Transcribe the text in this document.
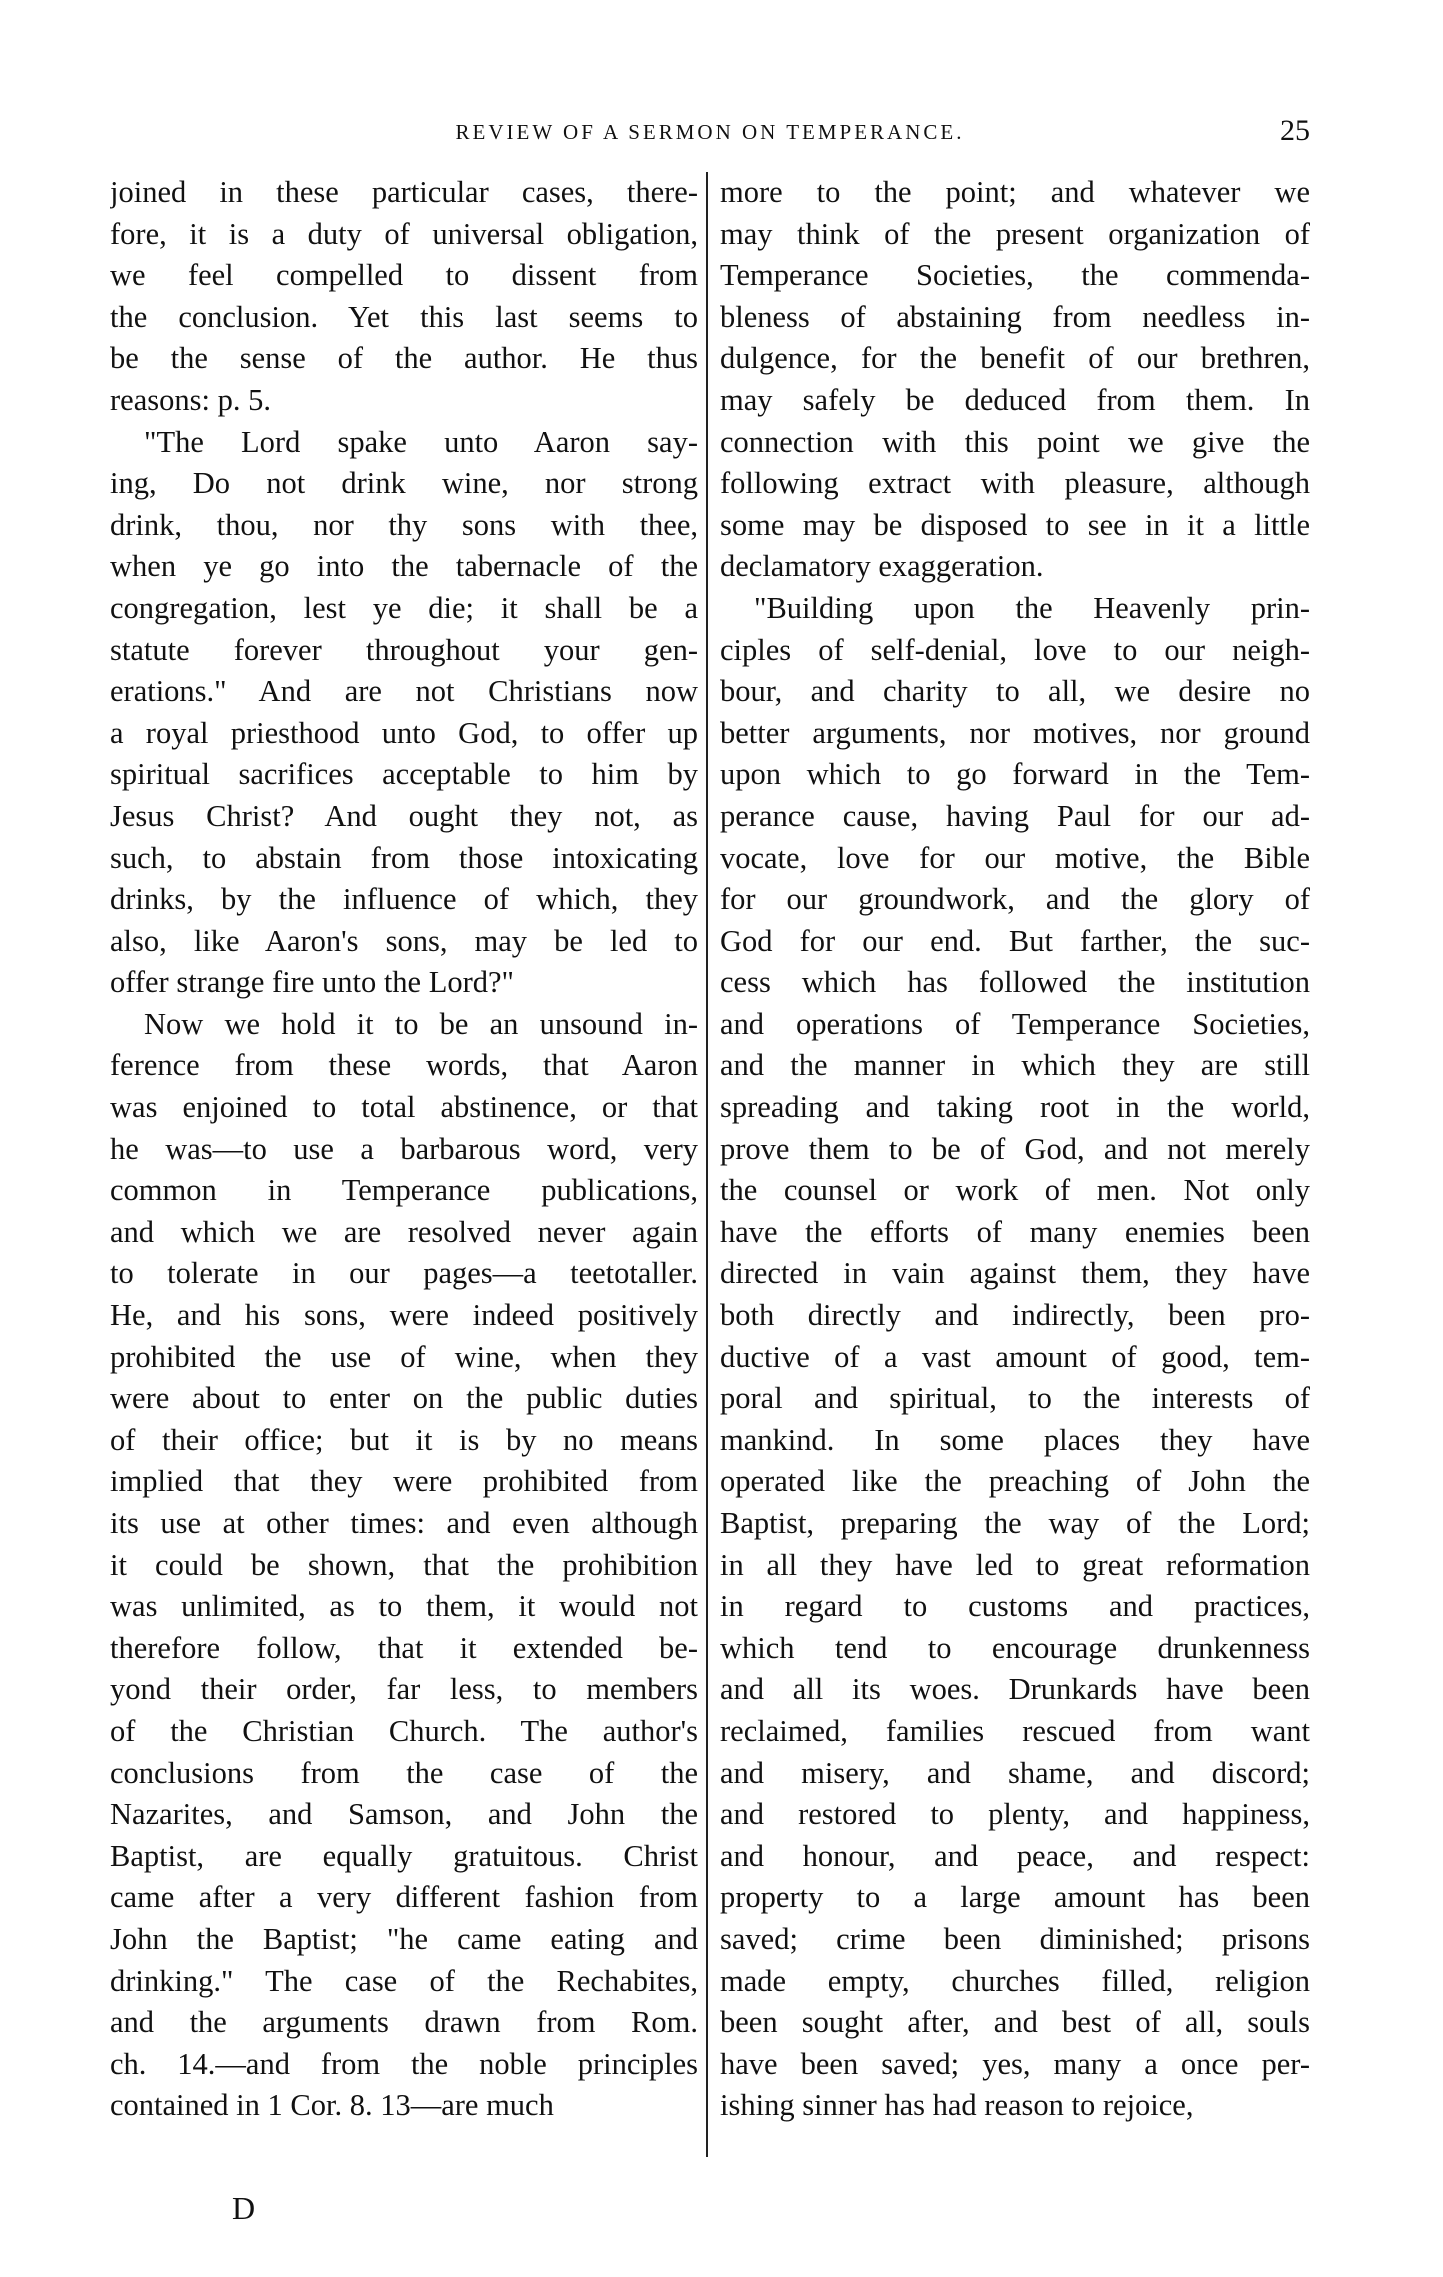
REVIEW OF A SERMON ON TEMPERANCE.	25
joined in these particular cases, there-
fore, it is a duty of universal obligation,
we feel compelled to dissent from
the conclusion. Yet this last seems to
be the sense of the author. He thus
reasons: p. 5.
"The Lord spake unto Aaron say-
ing, Do not drink wine, nor strong
drink, thou, nor thy sons with thee,
when ye go into the tabernacle of the
congregation, lest ye die; it shall be a
statute forever throughout your gen-
erations." And are not Christians now
a royal priesthood unto God, to offer up
spiritual sacrifices acceptable to him by
Jesus Christ? And ought they not, as
such, to abstain from those intoxicating
drinks, by the influence of which, they
also, like Aaron's sons, may be led to
offer strange fire unto the Lord?"
Now we hold it to be an unsound in-
ference from these words, that Aaron
was enjoined to total abstinence, or that
he was—to use a barbarous word, very
common in Temperance publications,
and which we are resolved never again
to tolerate in our pages—a teetotaller.
He, and his sons, were indeed positively
prohibited the use of wine, when they
were about to enter on the public duties
of their office; but it is by no means
implied that they were prohibited from
its use at other times: and even although
it could be shown, that the prohibition
was unlimited, as to them, it would not
therefore follow, that it extended be-
yond their order, far less, to members
of the Christian Church. The author's
conclusions from the case of the
Nazarites, and Samson, and John the
Baptist, are equally gratuitous. Christ
came after a very different fashion from
John the Baptist; "he came eating and
drinking." The case of the Rechabites,
and the arguments drawn from Rom.
ch. 14.—and from the noble principles
contained in 1 Cor. 8. 13—are much
more to the point; and whatever we
may think of the present organization of
Temperance Societies, the commenda-
bleness of abstaining from needless in-
dulgence, for the benefit of our brethren,
may safely be deduced from them. In
connection with this point we give the
following extract with pleasure, although
some may be disposed to see in it a little
declamatory exaggeration.
"Building upon the Heavenly prin-
ciples of self-denial, love to our neigh-
bour, and charity to all, we desire no
better arguments, nor motives, nor ground
upon which to go forward in the Tem-
perance cause, having Paul for our ad-
vocate, love for our motive, the Bible
for our groundwork, and the glory of
God for our end. But farther, the suc-
cess which has followed the institution
and operations of Temperance Societies,
and the manner in which they are still
spreading and taking root in the world,
prove them to be of God, and not merely
the counsel or work of men. Not only
have the efforts of many enemies been
directed in vain against them, they have
both directly and indirectly, been pro-
ductive of a vast amount of good, tem-
poral and spiritual, to the interests of
mankind. In some places they have
operated like the preaching of John the
Baptist, preparing the way of the Lord;
in all they have led to great reformation
in regard to customs and practices,
which tend to encourage drunkenness
and all its woes. Drunkards have been
reclaimed, families rescued from want
and misery, and shame, and discord;
and restored to plenty, and happiness,
and honour, and peace, and respect:
property to a large amount has been
saved; crime been diminished; prisons
made empty, churches filled, religion
been sought after, and best of all, souls
have been saved; yes, many a once per-
ishing sinner has had reason to rejoice,
D
